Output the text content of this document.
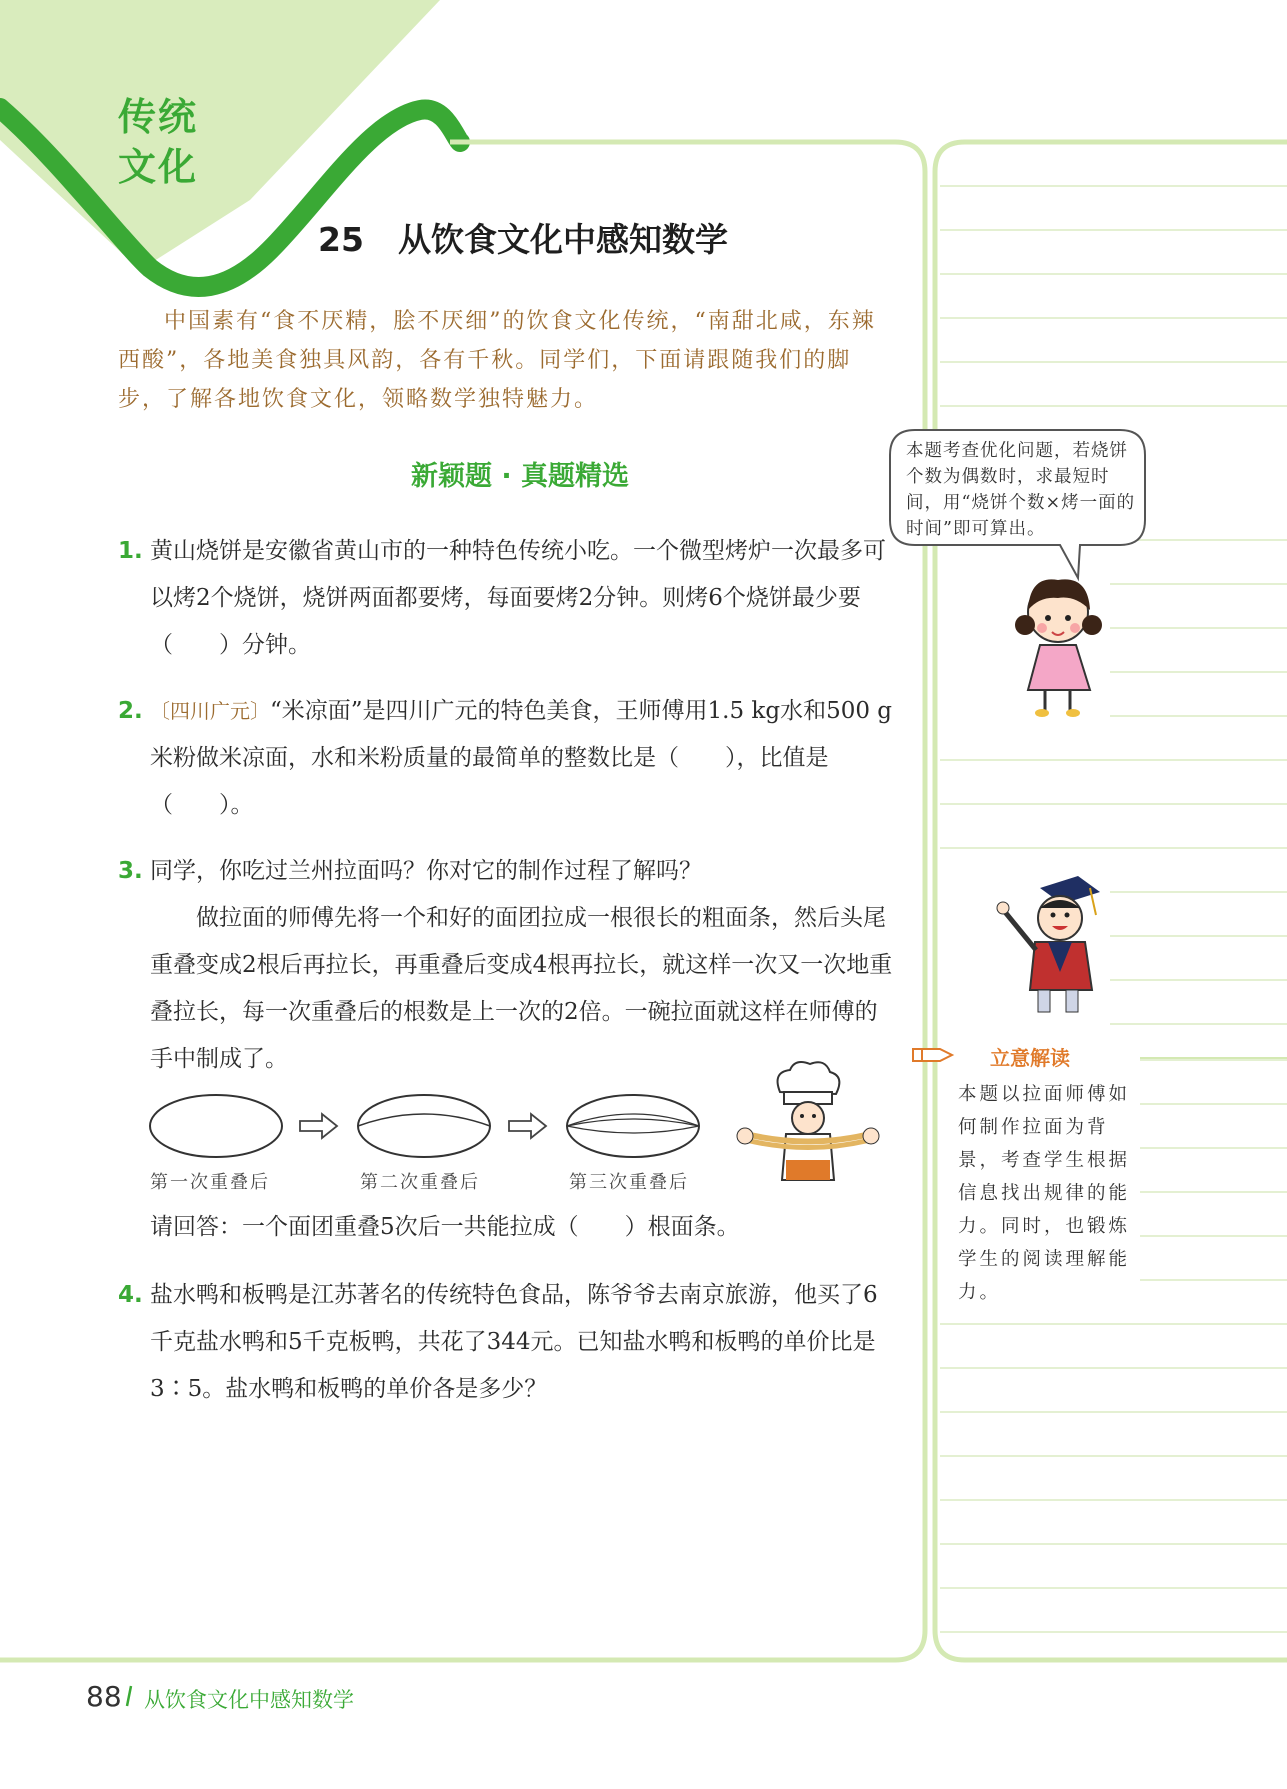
传统
文化
25 从饮食文化中感知数学
中国素有“食不厌精，脍不厌细”的饮食文化传统，“南甜北咸，东辣西酸”，各地美食独具风韵，各有千秋。同学们，下面请跟随我们的脚步，了解各地饮食文化，领略数学独特魅力。
新颖题 · 真题精选
1. 黄山烧饼是安徽省黄山市的一种特色传统小吃。一个微型烤炉一次最多可以烤2个烧饼，烧饼两面都要烤，每面要烤2分钟。则烤6个烧饼最少要（　　）分钟。
2. 〔四川广元〕“米凉面”是四川广元的特色美食，王师傅用1.5 kg水和500 g米粉做米凉面，水和米粉质量的最简单的整数比是（　　），比值是（　　）。
3. 同学，你吃过兰州拉面吗？你对它的制作过程了解吗？
做拉面的师傅先将一个和好的面团拉成一根很长的粗面条，然后头尾重叠变成2根后再拉长，再重叠后变成4根再拉长，就这样一次又一次地重叠拉长，每一次重叠后的根数是上一次的2倍。一碗拉面就这样在师傅的手中制成了。
第一次重叠后	第二次重叠后	第三次重叠后
请回答：一个面团重叠5次后一共能拉成（　　）根面条。
4. 盐水鸭和板鸭是江苏著名的传统特色食品，陈爷爷去南京旅游，他买了6千克盐水鸭和5千克板鸭，共花了344元。已知盐水鸭和板鸭的单价比是3∶5。盐水鸭和板鸭的单价各是多少？
本题考查优化问题，若烧饼个数为偶数时，求最短时间，用“烧饼个数×烤一面的时间”即可算出。
立意解读
本题以拉面师傅如何制作拉面为背景，考查学生根据信息找出规律的能力。同时，也锻炼学生的阅读理解能力。
88 从饮食文化中感知数学
